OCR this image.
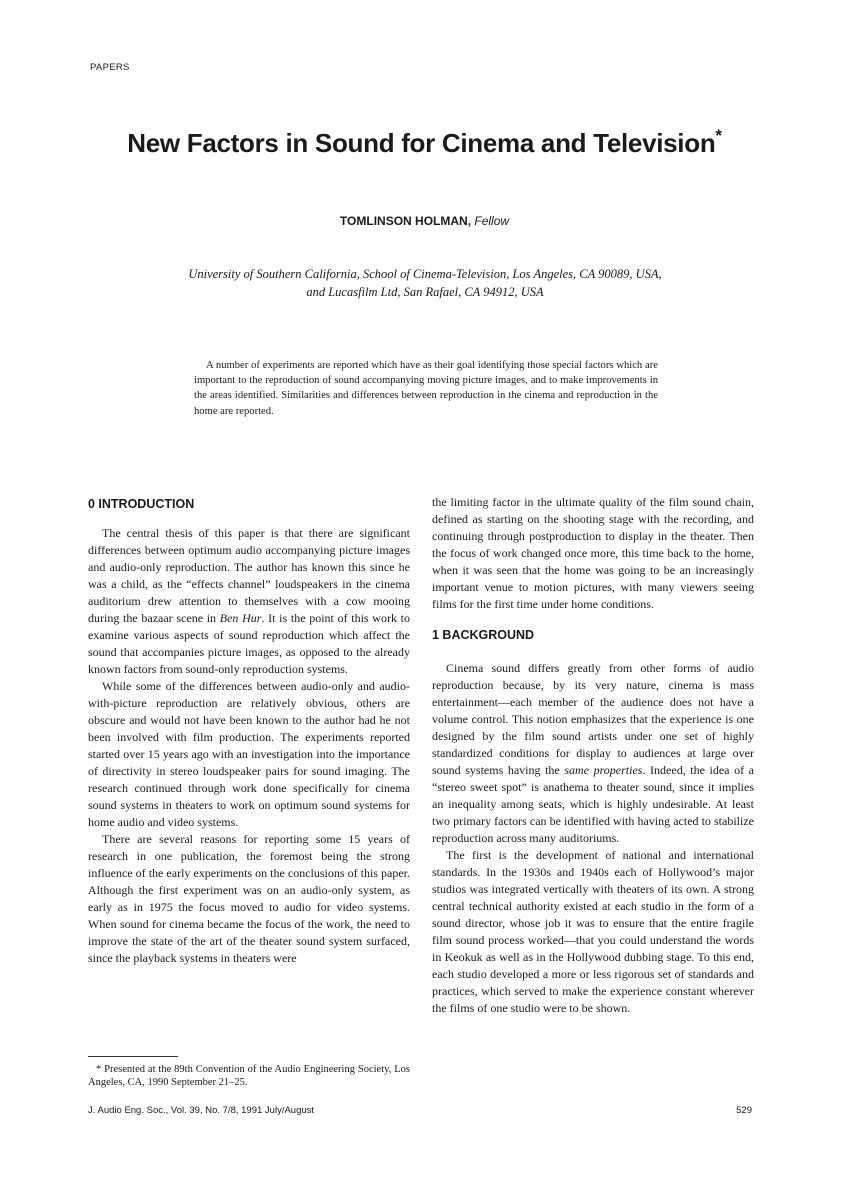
PAPERS
New Factors in Sound for Cinema and Television*
TOMLINSON HOLMAN, Fellow
University of Southern California, School of Cinema-Television, Los Angeles, CA 90089, USA,
and Lucasfilm Ltd, San Rafael, CA 94912, USA

A number of experiments are reported which have as their goal identifying those special factors which are important to the reproduction of sound accompanying moving picture images, and to make improvements in the areas identified. Similarities and differences between reproduction in the cinema and reproduction in the home are reported.

0 INTRODUCTION

The central thesis of this paper is that there are significant differences between optimum audio accompanying picture images and audio-only reproduction. The author has known this since he was a child, as the “effects channel” loudspeakers in the cinema auditorium drew attention to themselves with a cow mooing during the bazaar scene in Ben Hur. It is the point of this work to examine various aspects of sound reproduction which affect the sound that accompanies picture images, as opposed to the already known factors from sound-only reproduction systems.

While some of the differences between audio-only and audio-with-picture reproduction are relatively obvious, others are obscure and would not have been known to the author had he not been involved with film production. The experiments reported started over 15 years ago with an investigation into the importance of directivity in stereo loudspeaker pairs for sound imaging. The research continued through work done specifically for cinema sound systems in theaters to work on optimum sound systems for home audio and video systems.

There are several reasons for reporting some 15 years of research in one publication, the foremost being the strong influence of the early experiments on the conclusions of this paper. Although the first experiment was on an audio-only system, as early as in 1975 the focus moved to audio for video systems. When sound for cinema became the focus of the work, the need to improve the state of the art of the theater sound system surfaced, since the playback systems in theaters were

the limiting factor in the ultimate quality of the film sound chain, defined as starting on the shooting stage with the recording, and continuing through postproduction to display in the theater. Then the focus of work changed once more, this time back to the home, when it was seen that the home was going to be an increasingly important venue to motion pictures, with many viewers seeing films for the first time under home conditions.

1 BACKGROUND

Cinema sound differs greatly from other forms of audio reproduction because, by its very nature, cinema is mass entertainment—each member of the audience does not have a volume control. This notion emphasizes that the experience is one designed by the film sound artists under one set of highly standardized conditions for display to audiences at large over sound systems having the same properties. Indeed, the idea of a “stereo sweet spot” is anathema to theater sound, since it implies an inequality among seats, which is highly undesirable. At least two primary factors can be identified with having acted to stabilize reproduction across many auditoriums.

The first is the development of national and international standards. In the 1930s and 1940s each of Hollywood’s major studios was integrated vertically with theaters of its own. A strong central technical authority existed at each studio in the form of a sound director, whose job it was to ensure that the entire fragile film sound process worked—that you could understand the words in Keokuk as well as in the Hollywood dubbing stage. To this end, each studio developed a more or less rigorous set of standards and practices, which served to make the experience constant wherever the films of one studio were to be shown.

* Presented at the 89th Convention of the Audio Engineering Society, Los Angeles, CA, 1990 September 21–25.

J. Audio Eng. Soc., Vol. 39, No. 7/8, 1991 July/August	529
